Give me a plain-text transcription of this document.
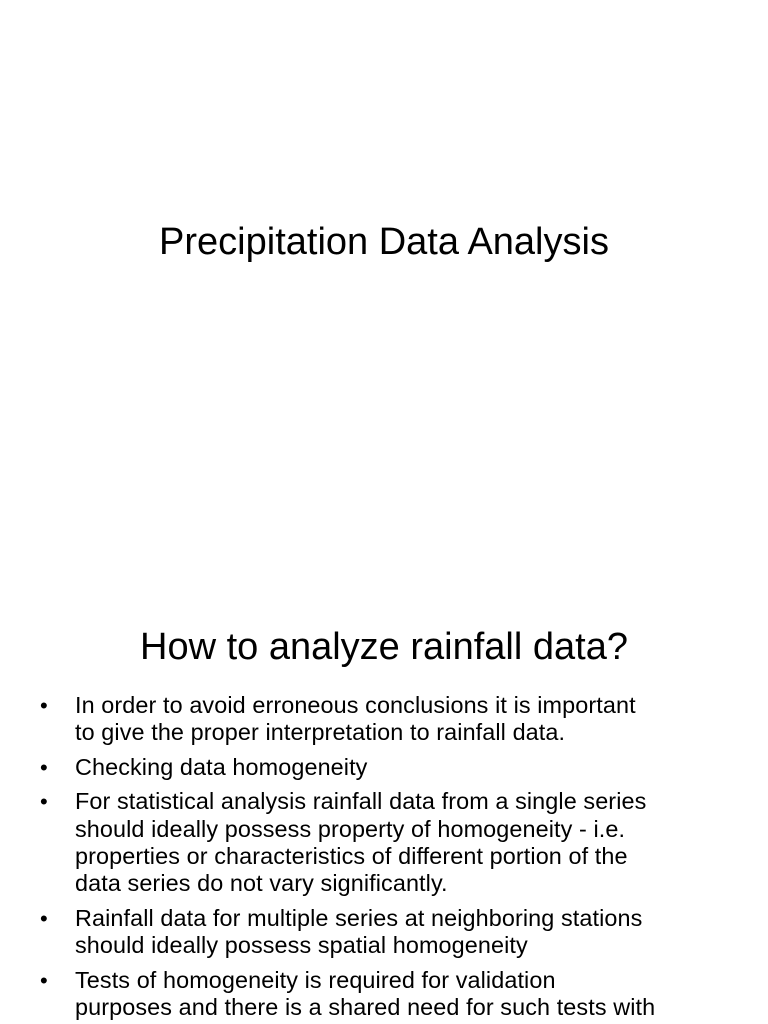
Precipitation Data Analysis
How to analyze rainfall data?
•	In order to avoid erroneous conclusions it is important
to give the proper interpretation to rainfall data.
•	Checking data homogeneity
•	For statistical analysis rainfall data from a single series
should ideally possess property of homogeneity - i.e.
properties or characteristics of different portion of the
data series do not vary significantly.
•	Rainfall data for multiple series at neighboring stations
should ideally possess spatial homogeneity
•	Tests of homogeneity is required for validation
purposes and there is a shared need for such tests with
